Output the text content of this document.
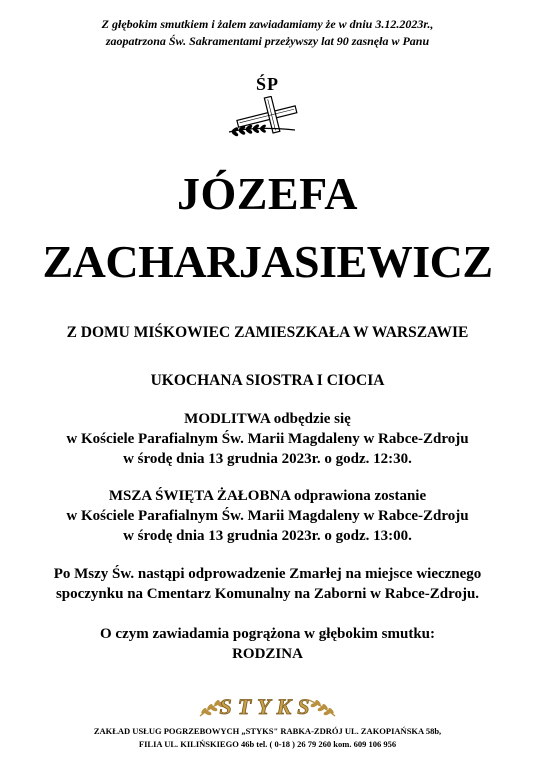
Z głębokim smutkiem i żalem zawiadamiamy że w dniu 3.12.2023r.,
zaopatrzona Św. Sakramentami przeżywszy lat 90 zasnęła w Panu
ŚP
JÓZEFA
ZACHARJASIEWICZ
Z DOMU MIŚKOWIEC ZAMIESZKAŁA W WARSZAWIE
UKOCHANA SIOSTRA I CIOCIA
MODLITWA odbędzie się
w Kościele Parafialnym Św. Marii Magdaleny w Rabce-Zdroju
w środę dnia 13 grudnia 2023r. o godz. 12:30.
MSZA ŚWIĘTA ŻAŁOBNA odprawiona zostanie
w Kościele Parafialnym Św. Marii Magdaleny w Rabce-Zdroju
w środę dnia 13 grudnia 2023r. o godz. 13:00.
Po Mszy Św. nastąpi odprowadzenie Zmarłej na miejsce wiecznego
spoczynku na Cmentarz Komunalny na Zaborni w Rabce-Zdroju.
O czym zawiadamia pogrążona w głębokim smutku:
RODZINA
STYKS
ZAKŁAD USŁUG POGRZEBOWYCH „STYKS" RABKA-ZDRÓJ UL. ZAKOPIAŃSKA 58b,
FILIA UL. KILIŃSKIEGO 46b tel. ( 0-18 ) 26 79 260 kom. 609 106 956
